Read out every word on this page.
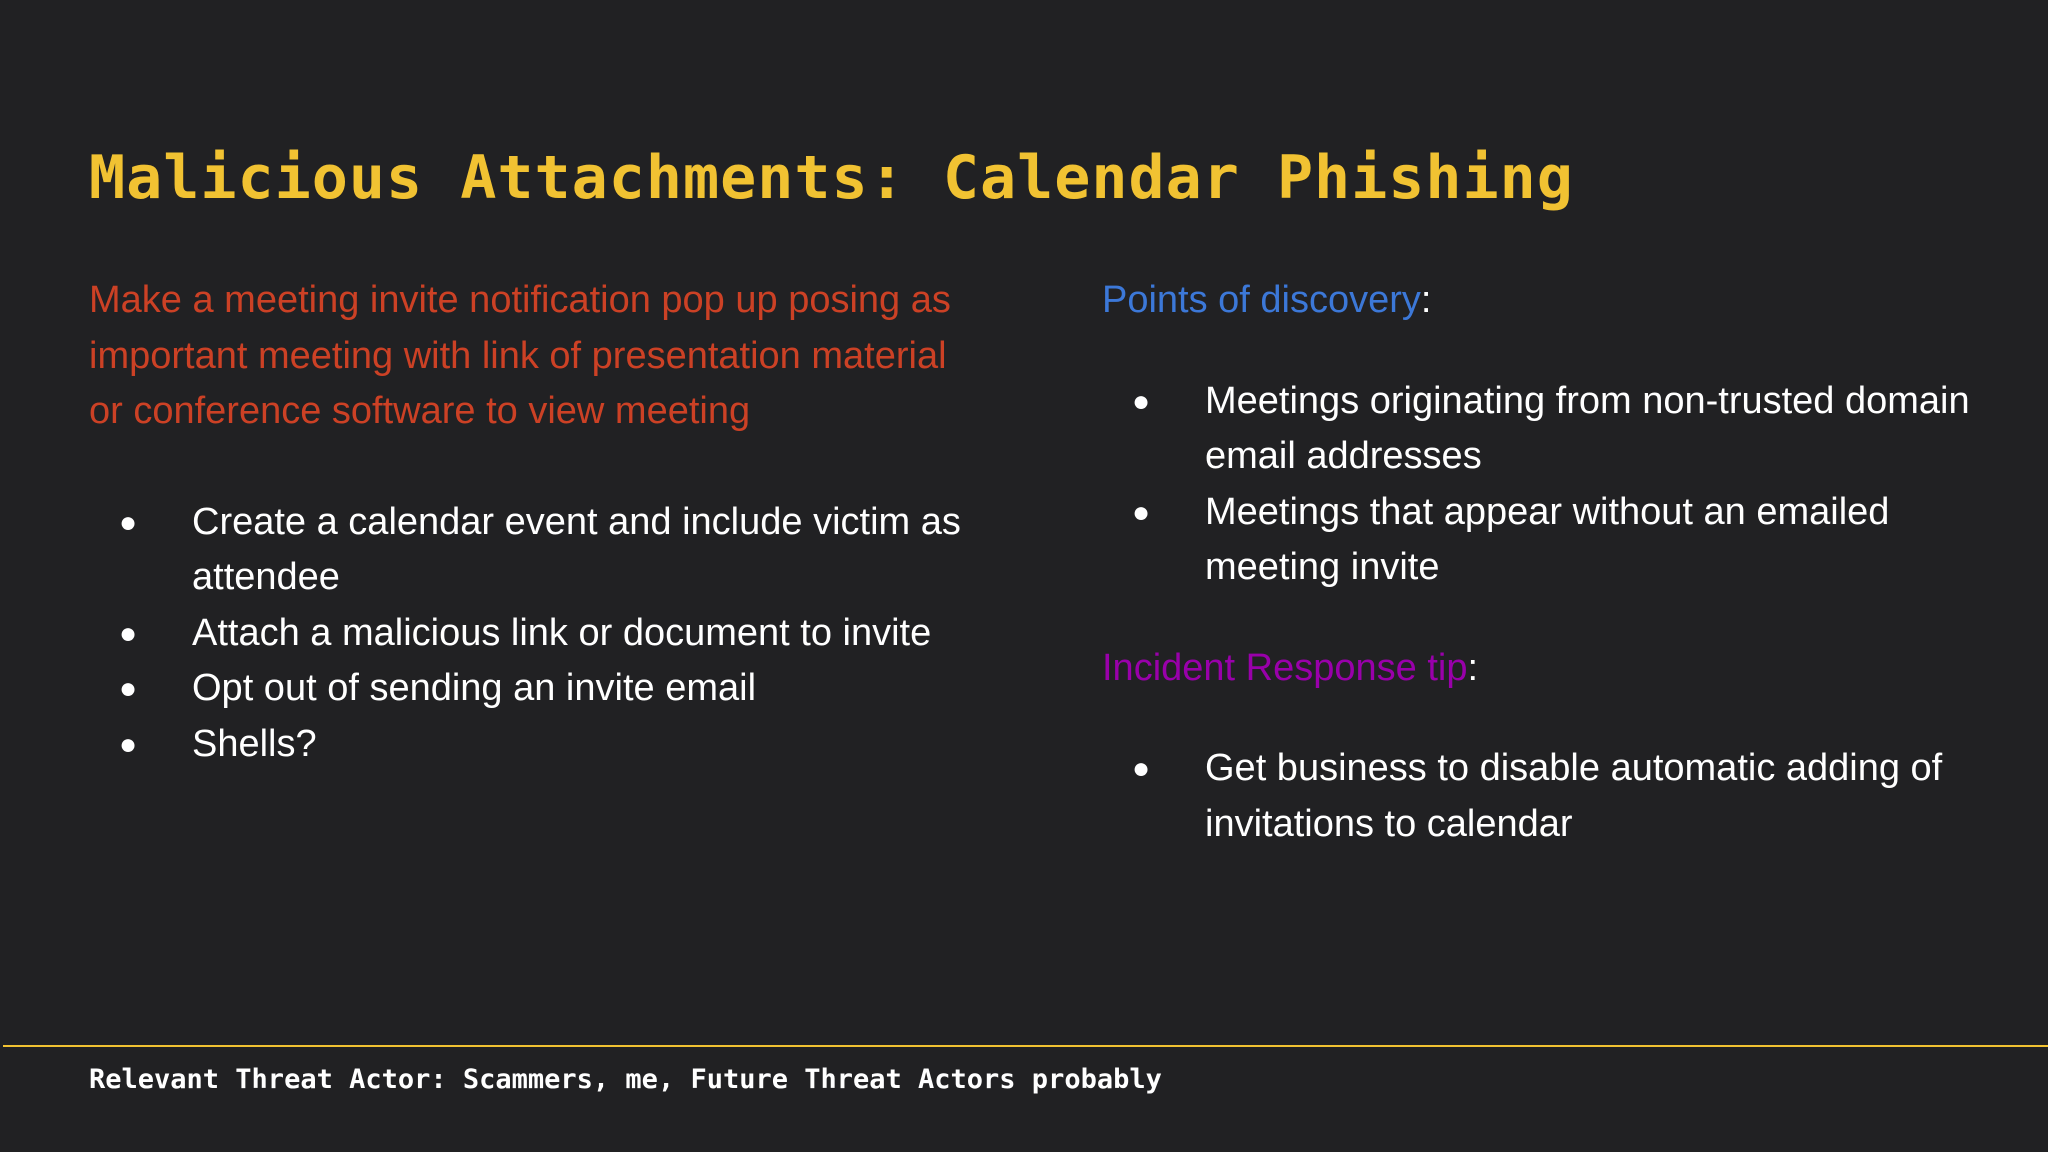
Malicious Attachments: Calendar Phishing

Make a meeting invite notification pop up posing as important meeting with link of presentation material or conference software to view meeting

● Create a calendar event and include victim as attendee
● Attach a malicious link or document to invite
● Opt out of sending an invite email
● Shells?

Points of discovery:

● Meetings originating from non-trusted domain email addresses
● Meetings that appear without an emailed meeting invite

Incident Response tip:

● Get business to disable automatic adding of invitations to calendar
Relevant Threat Actor: Scammers, me, Future Threat Actors probably
